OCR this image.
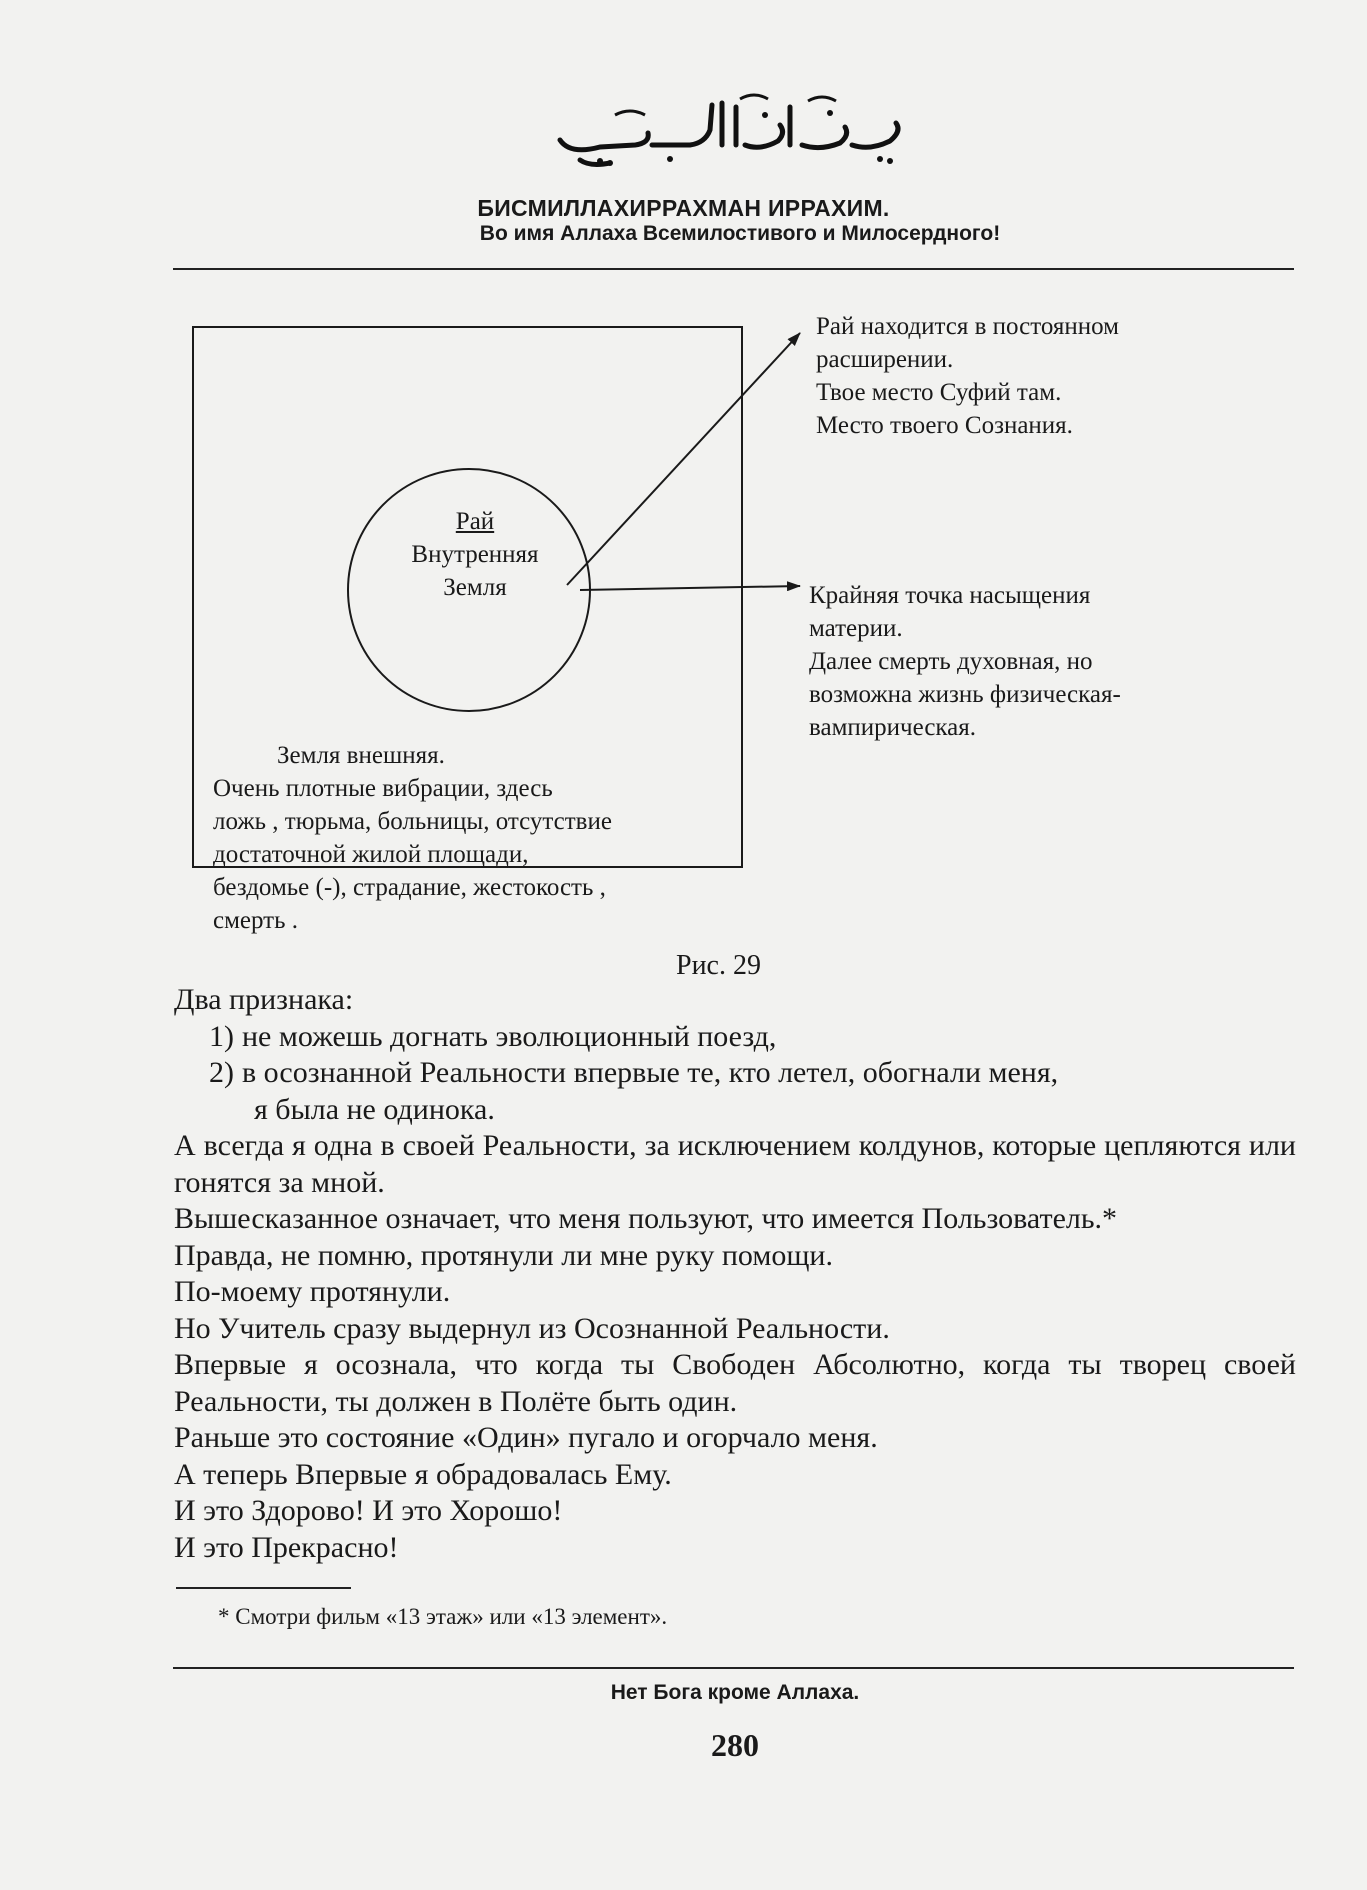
БИСМИЛЛАХИРРАХМАН ИРРАХИМ.
Во имя Аллаха Всемилостивого и Милосердного!
Рай
Внутренняя
Земля
Рай находится в постоянном
расширении.
Твое место Суфий там.
Место твоего Сознания.
Крайняя точка насыщения
материи.
Далее смерть духовная, но
возможна жизнь физическая-
вампирическая.
Земля внешняя.
Очень плотные вибрации, здесь
ложь , тюрьма, больницы, отсутствие
достаточной жилой площади,
бездомье (-), страдание, жестокость ,
смерть .
Рис. 29

Два признака:

1) не можешь догнать эволюционный поезд,
2) в осознанной Реальности впервые те, кто летел, обогнали меня,

я была не одинока.

А всегда я одна в своей Реальности, за исключением колдунов, которые цепляются или гонятся за мной.

Вышесказанное означает, что меня пользуют, что имеется Пользователь.*

Правда, не помню, протянули ли мне руку помощи.

По-моему протянули.

Но Учитель сразу выдернул из Осознанной Реальности.

Впервые я осознала, что когда ты Свободен Абсолютно, когда ты творец своей Реальности, ты должен в Полёте быть один.

Раньше это состояние «Один» пугало и огорчало меня.

А теперь Впервые я обрадовалась Ему.

И это Здорово! И это Хорошо!

И это Прекрасно!

* Смотри фильм «13 этаж» или «13 элемент».
Нет Бога кроме Аллаха.
280
